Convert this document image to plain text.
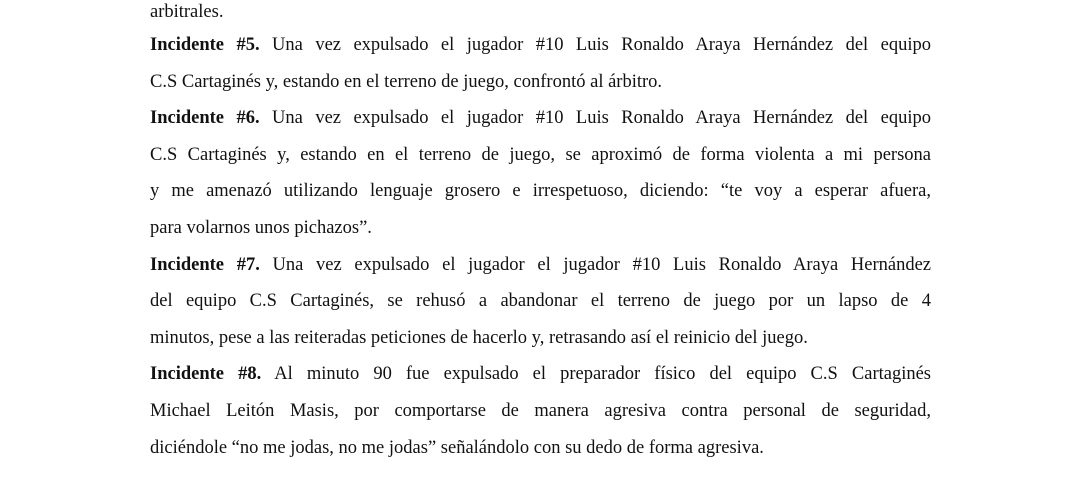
arbitrales.
Incidente #5. Una vez expulsado el jugador #10 Luis Ronaldo Araya Hernández del equipo
C.S Cartaginés y, estando en el terreno de juego, confrontó al árbitro.
Incidente #6. Una vez expulsado el jugador #10 Luis Ronaldo Araya Hernández del equipo
C.S Cartaginés y, estando en el terreno de juego, se aproximó de forma violenta a mi persona
y me amenazó utilizando lenguaje grosero e irrespetuoso, diciendo: “te voy a esperar afuera,
para volarnos unos pichazos”.
Incidente #7. Una vez expulsado el jugador el jugador #10 Luis Ronaldo Araya Hernández
del equipo C.S Cartaginés, se rehusó a abandonar el terreno de juego por un lapso de 4
minutos, pese a las reiteradas peticiones de hacerlo y, retrasando así el reinicio del juego.
Incidente #8. Al minuto 90 fue expulsado el preparador físico del equipo C.S Cartaginés
Michael Leitón Masis, por comportarse de manera agresiva contra personal de seguridad,
diciéndole “no me jodas, no me jodas” señalándolo con su dedo de forma agresiva.
